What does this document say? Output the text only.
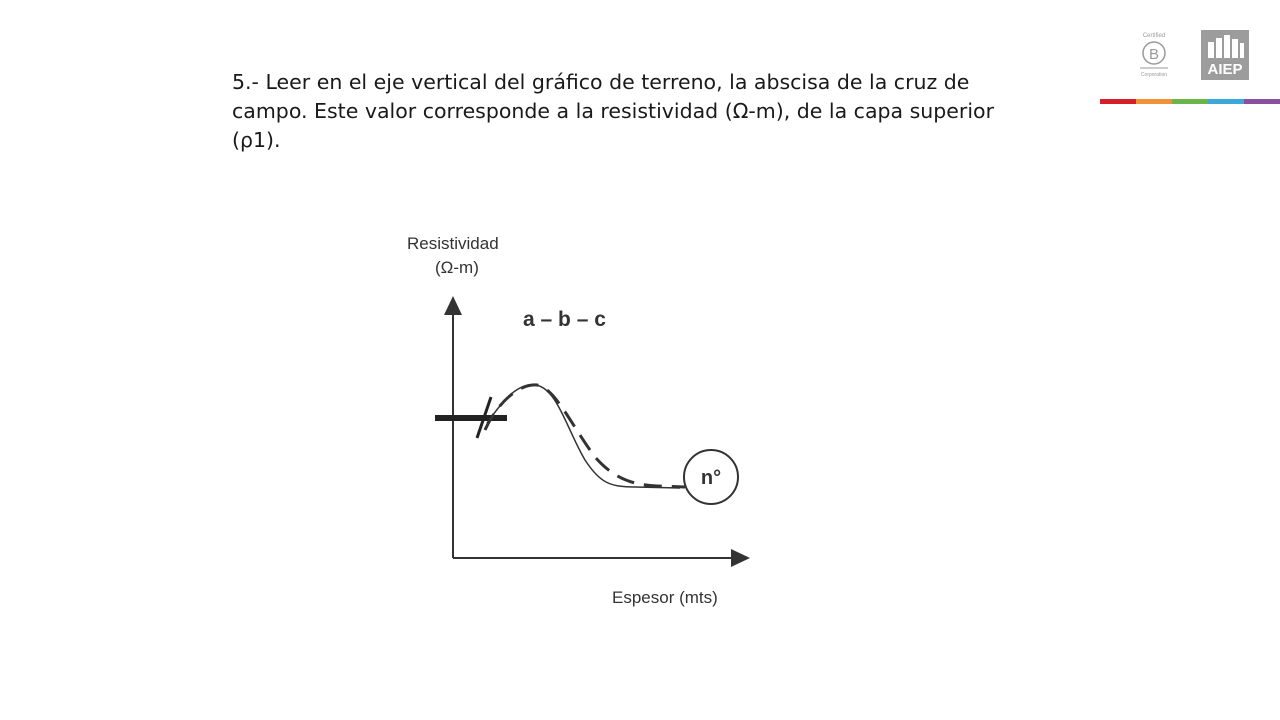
5.- Leer en el eje vertical del gráfico de terreno, la abscisa de la cruz de campo. Este valor corresponde a la resistividad (Ω-m), de la capa superior (ρ1).

Certified
B
Corporation	AIEP
Resistividad
(Ω-m)
a – b – c
n°
Espesor (mts)
